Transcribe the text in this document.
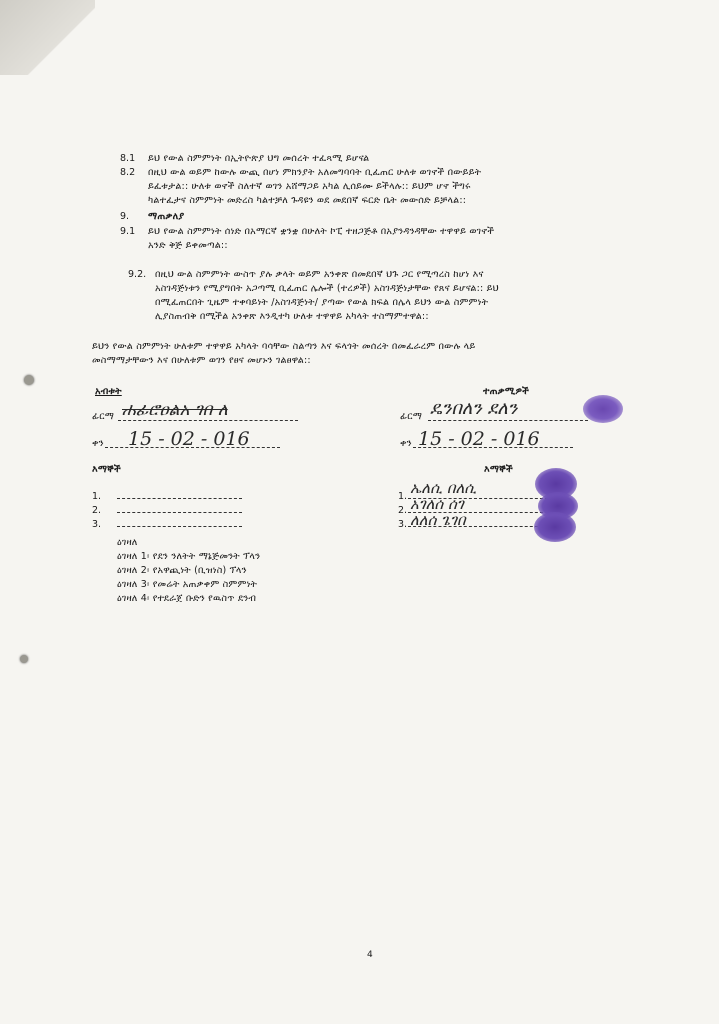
8.1 ይህ የውል ስምምነት በኢትዮጵያ ህግ መሰረት ተፈጻሚ ይሆናል
8.2 በዚህ ውል ወይም ከውሉ ውጪ በሆነ ምክንያት አለመግባባት ቢፈጠር ሁለቱ ወገኖች በውይይት
ይፈቱታል:: ሁለቱ ወኖች ስለተኛ ወገን አሸማጋይ አካል ሊሰይሙ ይችላሉ:: ይህም ሆኖ ችግሩ
ካልተፈታና ስምምነት መድረስ ካልተቻለ ጉዳዩን ወደ መደበኛ ፍርድ ቤት መውሰድ ይቻላል::
9. ማጠቃለያ
9.1 ይህ የውል ስምምነት ሰነድ በአማርኛ ቋንቋ በሁለት ኮፒ ተዘጋጅቶ በአያንዳንዳቸው ተዋዋይ ወገኖች
አንድ ቅጅ ይቀመጣል::
9.2. በዚህ ውል ስምምነት ውስጥ ያሉ ቃላት ወይም አንቀጽ በመደበኛ ህጉ ጋር የሚጣረስ ከሆነ እና
አስገዳጅነቱን የሚያግበት አጋጣሚ ቢፈጠር ሌሎች (ተረዎች) አስገዳጅነታቸው የጸና ይሆናል:: ይህ
በሚፈጠርበት ጊዜም ተቀባይነት /አስገዳጅነት/ ያጣው የውል ክፍል በሌላ ይህን ውል ስምምነት
ሊያስጠብቅ በሚችል አንቀጽ እንዲተካ ሁለቱ ተዋዋይ አካላት ተስማምተዋል::
ይህን የውል ስምምነት ሁለቱም ተዋዋይ አካላት ባሳቸው ስልጣን እና ፍላጎት መሰረት በመፈራረም በውሉ ላይ
መስማማታቸውን እና በሁለቱም ወገን የፀና መሆኑን ገልፀዋል::
አብቱት
ፊርማ ሐፊሮዐልአ ገበ ለ
ቀን 15 - 02 - 016
ተጠቃሚዎች
ፊርማ ዴንበለን ደለን
ቀን 15 - 02 - 016
እማኞች
1.
2.
3.
እማኞች
1. ኤለሲ በለሲ
2. አገለሰ ሰገ
3. ለለሰ ጌገበ
ዕገዛለ
ዕገዛለ 1፡ የደን ንለትት ማኔጅመንት ፕላን
ዕገዛለ 2፡ የአዋጪነት (ቢዝነስ) ፕላን
ዕገዛለ 3፡ የመሬት አጠቃቀም ስምምነት
ዕገዛለ 4፡ የተደራጀ ቡድን የዉስጥ ደንብ
4
